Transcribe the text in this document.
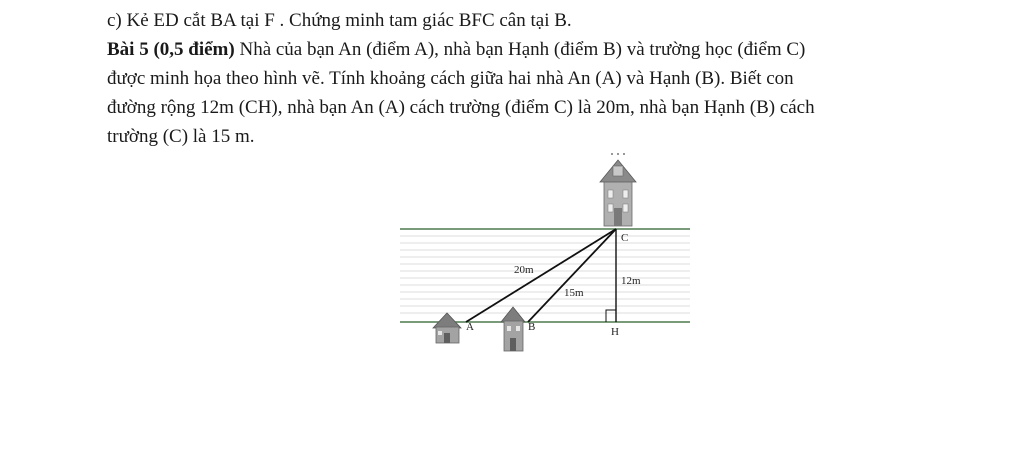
c) Kẻ ED cắt BA tại F . Chứng minh tam giác BFC cân tại B.
Bài 5 (0,5 điểm) Nhà của bạn An (điểm A), nhà bạn Hạnh (điểm B) và trường học (điểm C)
được minh họa theo hình vẽ. Tính khoảng cách giữa hai nhà An (A) và Hạnh (B). Biết con
đường rộng 12m (CH), nhà bạn An (A) cách trường (điểm C) là 20m, nhà bạn Hạnh (B) cách
trường (C) là 15 m.
C
A	B	H
20m
15m
12m
